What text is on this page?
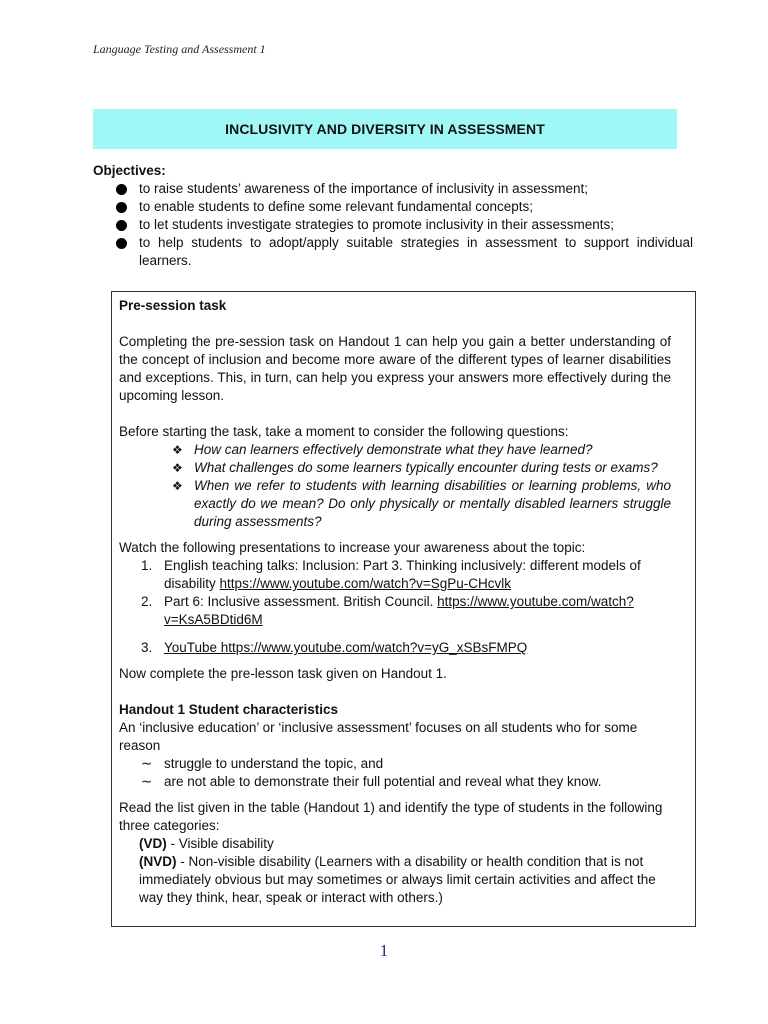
Language Testing and Assessment 1
INCLUSIVITY AND DIVERSITY IN ASSESSMENT
Objectives:
to raise students’ awareness of the importance of inclusivity in assessment;
to enable students to define some relevant fundamental concepts;
to let students investigate strategies to promote inclusivity in their assessments;
to help students to adopt/apply suitable strategies in assessment to support individual learners.

Pre-session task

Completing the pre-session task on Handout 1 can help you gain a better understanding of the concept of inclusion and become more aware of the different types of learner disabilities and exceptions. This, in turn, can help you express your answers more effectively during the upcoming lesson.

Before starting the task, take a moment to consider the following questions:

❖ How can learners effectively demonstrate what they have learned?
❖ What challenges do some learners typically encounter during tests or exams?
❖ When we refer to students with learning disabilities or learning problems, who exactly do we mean? Do only physically or mentally disabled learners struggle during assessments?

Watch the following presentations to increase your awareness about the topic:

1. English teaching talks: Inclusion: Part 3. Thinking inclusively: different models of disability https://www.youtube.com/watch?v=SgPu-CHcvlk
2. Part 6: Inclusive assessment. British Council. https://www.youtube.com/watch?v=KsA5BDtid6M
3. YouTube https://www.youtube.com/watch?v=yG_xSBsFMPQ

Now complete the pre-lesson task given on Handout 1.

Handout 1 Student characteristics

An ‘inclusive education’ or ‘inclusive assessment’ focuses on all students who for some reason

∼ struggle to understand the topic, and
∼ are not able to demonstrate their full potential and reveal what they know.

Read the list given in the table (Handout 1) and identify the type of students in the following three categories:

(VD) - Visible disability

(NVD) - Non-visible disability (Learners with a disability or health condition that is not immediately obvious but may sometimes or always limit certain activities and affect the way they think, hear, speak or interact with others.)

1
